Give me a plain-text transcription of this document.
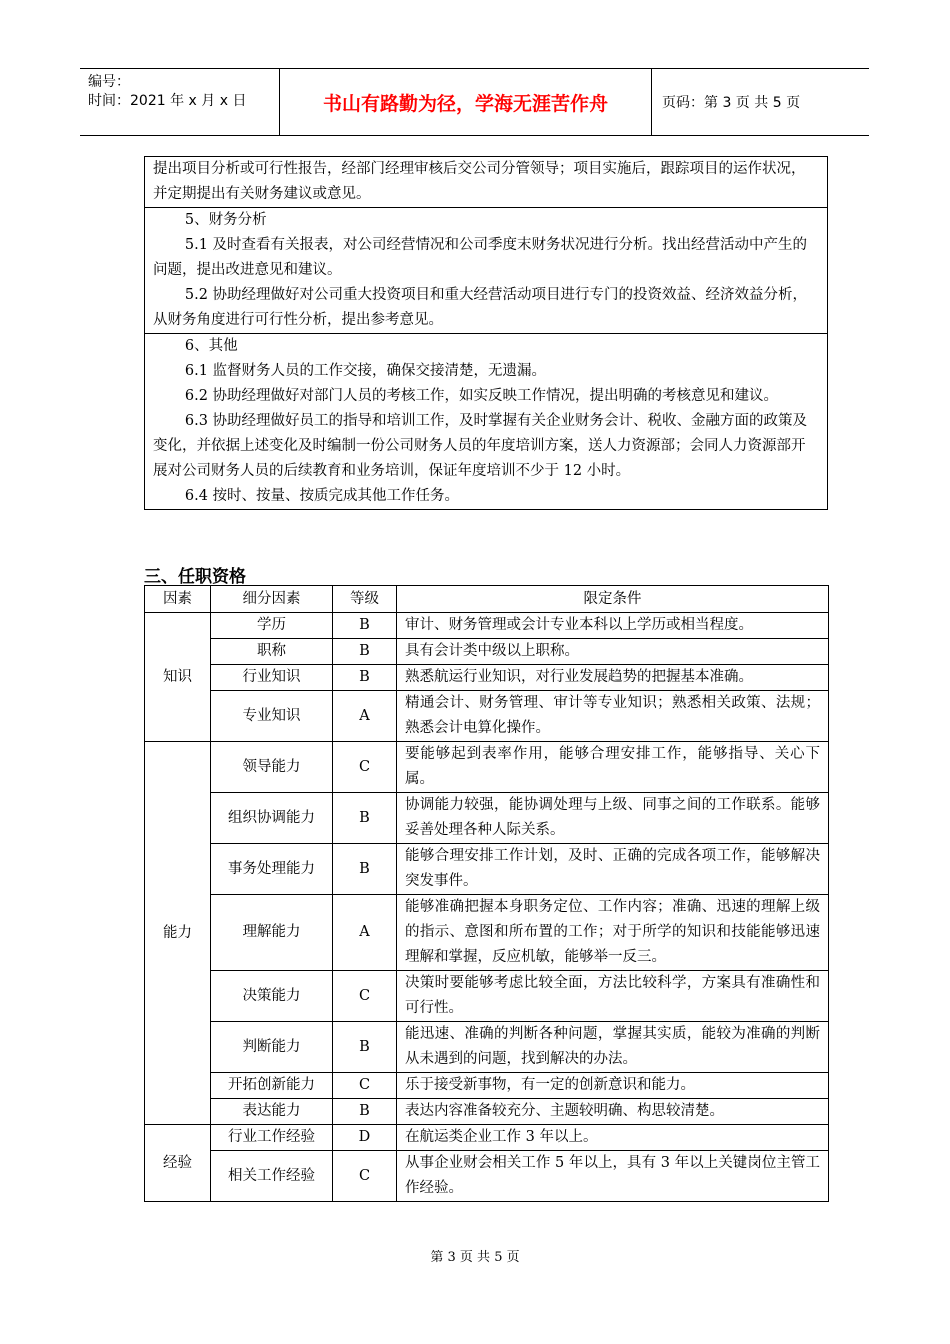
编号：
时间：2021 年 x 月 x 日	书山有路勤为径，学海无涯苦作舟	页码：第 3 页 共 5 页

提出项目分析或可行性报告，经部门经理审核后交公司分管领导；项目实施后，跟踪项目的运作状况，并定期提出有关财务建议或意见。

5、财务分析

5.1 及时查看有关报表，对公司经营情况和公司季度末财务状况进行分析。找出经营活动中产生的问题，提出改进意见和建议。

5.2 协助经理做好对公司重大投资项目和重大经营活动项目进行专门的投资效益、经济效益分析，从财务角度进行可行性分析，提出参考意见。

6、其他

6.1 监督财务人员的工作交接，确保交接清楚，无遗漏。

6.2 协助经理做好对部门人员的考核工作，如实反映工作情况，提出明确的考核意见和建议。

6.3 协助经理做好员工的指导和培训工作，及时掌握有关企业财务会计、税收、金融方面的政策及变化，并依据上述变化及时编制一份公司财务人员的年度培训方案，送人力资源部；会同人力资源部开展对公司财务人员的后续教育和业务培训，保证年度培训不少于 12 小时。

6.4 按时、按量、按质完成其他工作任务。

三、任职资格
因素	细分因素	等级	限定条件
知识	学历	B	审计、财务管理或会计专业本科以上学历或相当程度。
	职称	B	具有会计类中级以上职称。
	行业知识	B	熟悉航运行业知识，对行业发展趋势的把握基本准确。
	专业知识	A	精通会计、财务管理、审计等专业知识；熟悉相关政策、法规；熟悉会计电算化操作。
能力	领导能力	C	要能够起到表率作用，能够合理安排工作，能够指导、关心下属。
	组织协调能力	B	协调能力较强，能协调处理与上级、同事之间的工作联系。能够妥善处理各种人际关系。
	事务处理能力	B	能够合理安排工作计划，及时、正确的完成各项工作，能够解决突发事件。
	理解能力	A	能够准确把握本身职务定位、工作内容；准确、迅速的理解上级的指示、意图和所布置的工作；对于所学的知识和技能能够迅速理解和掌握，反应机敏，能够举一反三。
	决策能力	C	决策时要能够考虑比较全面，方法比较科学，方案具有准确性和可行性。
	判断能力	B	能迅速、准确的判断各种问题，掌握其实质，能较为准确的判断从未遇到的问题，找到解决的办法。
	开拓创新能力	C	乐于接受新事物，有一定的创新意识和能力。
	表达能力	B	表达内容准备较充分、主题较明确、构思较清楚。
经验	行业工作经验	D	在航运类企业工作 3 年以上。
	相关工作经验	C	从事企业财会相关工作 5 年以上，具有 3 年以上关键岗位主管工作经验。
第 3 页 共 5 页
